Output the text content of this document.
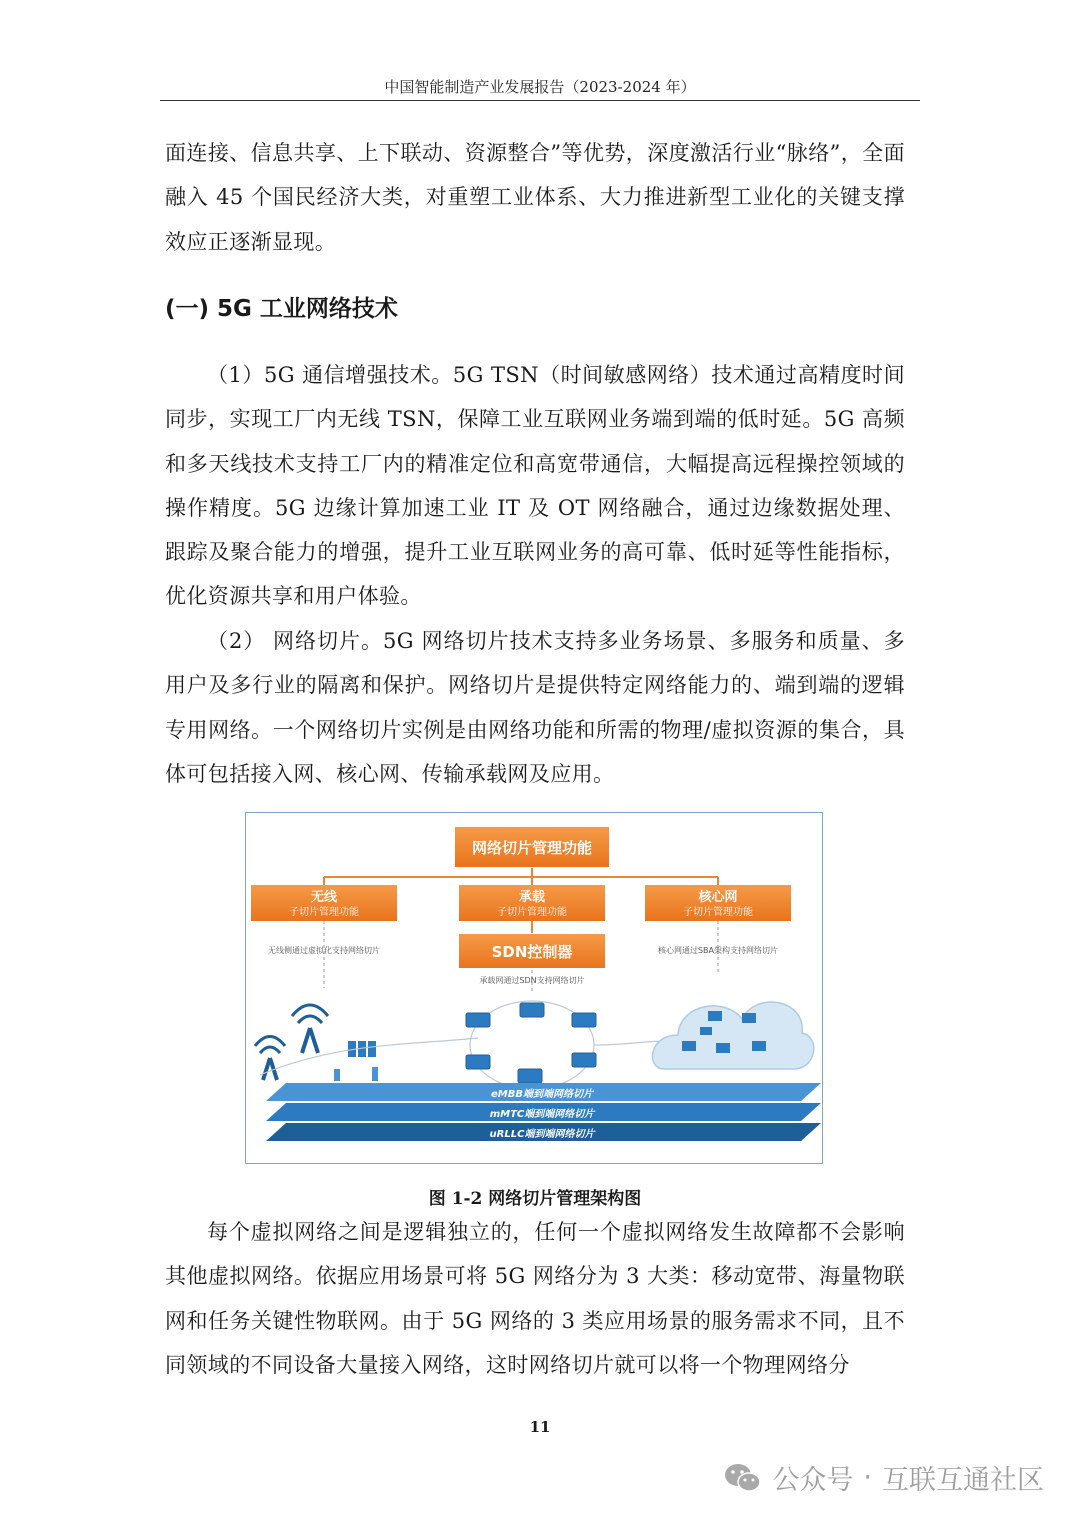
中国智能制造产业发展报告（2023-2024 年）

面连接、信息共享、上下联动、资源整合”等优势，深度激活行业“脉络”，全面融入 45 个国民经济大类，对重塑工业体系、大力推进新型工业化的关键支撑效应正逐渐显现。

(一) 5G 工业网络技术

（1）5G 通信增强技术。5G TSN（时间敏感网络）技术通过高精度时间同步，实现工厂内无线 TSN，保障工业互联网业务端到端的低时延。5G 高频和多天线技术支持工厂内的精准定位和高宽带通信，大幅提高远程操控领域的操作精度。5G 边缘计算加速工业 IT 及 OT 网络融合，通过边缘数据处理、跟踪及聚合能力的增强，提升工业互联网业务的高可靠、低时延等性能指标，优化资源共享和用户体验。

（2） 网络切片。5G 网络切片技术支持多业务场景、多服务和质量、多用户及多行业的隔离和保护。网络切片是提供特定网络能力的、端到端的逻辑专用网络。一个网络切片实例是由网络功能和所需的物理/虚拟资源的集合，具体可包括接入网、核心网、传输承载网及应用。

网络切片管理功能
无线
子切片管理功能
承载
子切片管理功能
核心网
子切片管理功能
无线侧通过虚拟化支持网络切片	核心网通过SBA架构支持网络切片
SDN控制器
承载网通过SDN支持网络切片
eMBB端到端网络切片
mMTC端到端网络切片
uRLLC端到端网络切片
图 1-2 网络切片管理架构图

每个虚拟网络之间是逻辑独立的，任何一个虚拟网络发生故障都不会影响其他虚拟网络。依据应用场景可将 5G 网络分为 3 大类：移动宽带、海量物联网和任务关键性物联网。由于 5G 网络的 3 类应用场景的服务需求不同，且不同领域的不同设备大量接入网络，这时网络切片就可以将一个物理网络分

11
公众号 · 互联互通社区
